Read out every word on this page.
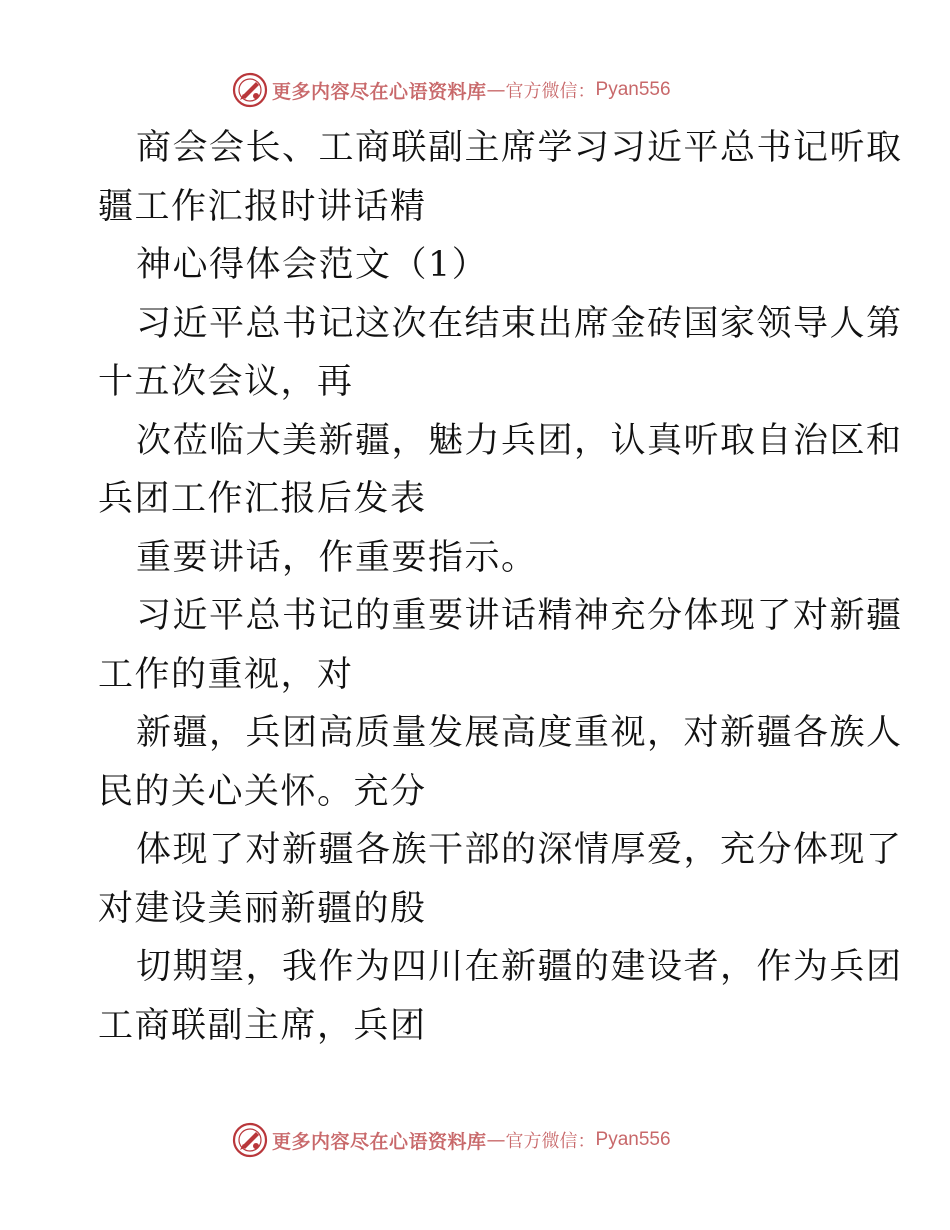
更多内容尽在心语资料库 — 官方微信： Pyan556
商会会长、工商联副主席学习习近平总书记听取
疆工作汇报时讲话精
神心得体会范文（1）
习近平总书记这次在结束出席金砖国家领导人第
十五次会议，再
次莅临大美新疆，魅力兵团，认真听取自治区和
兵团工作汇报后发表
重要讲话，作重要指示。
习近平总书记的重要讲话精神充分体现了对新疆
工作的重视，对
新疆，兵团高质量发展高度重视，对新疆各族人
民的关心关怀。充分
体现了对新疆各族干部的深情厚爱，充分体现了
对建设美丽新疆的殷
切期望，我作为四川在新疆的建设者，作为兵团
工商联副主席，兵团
更多内容尽在心语资料库 — 官方微信： Pyan556
